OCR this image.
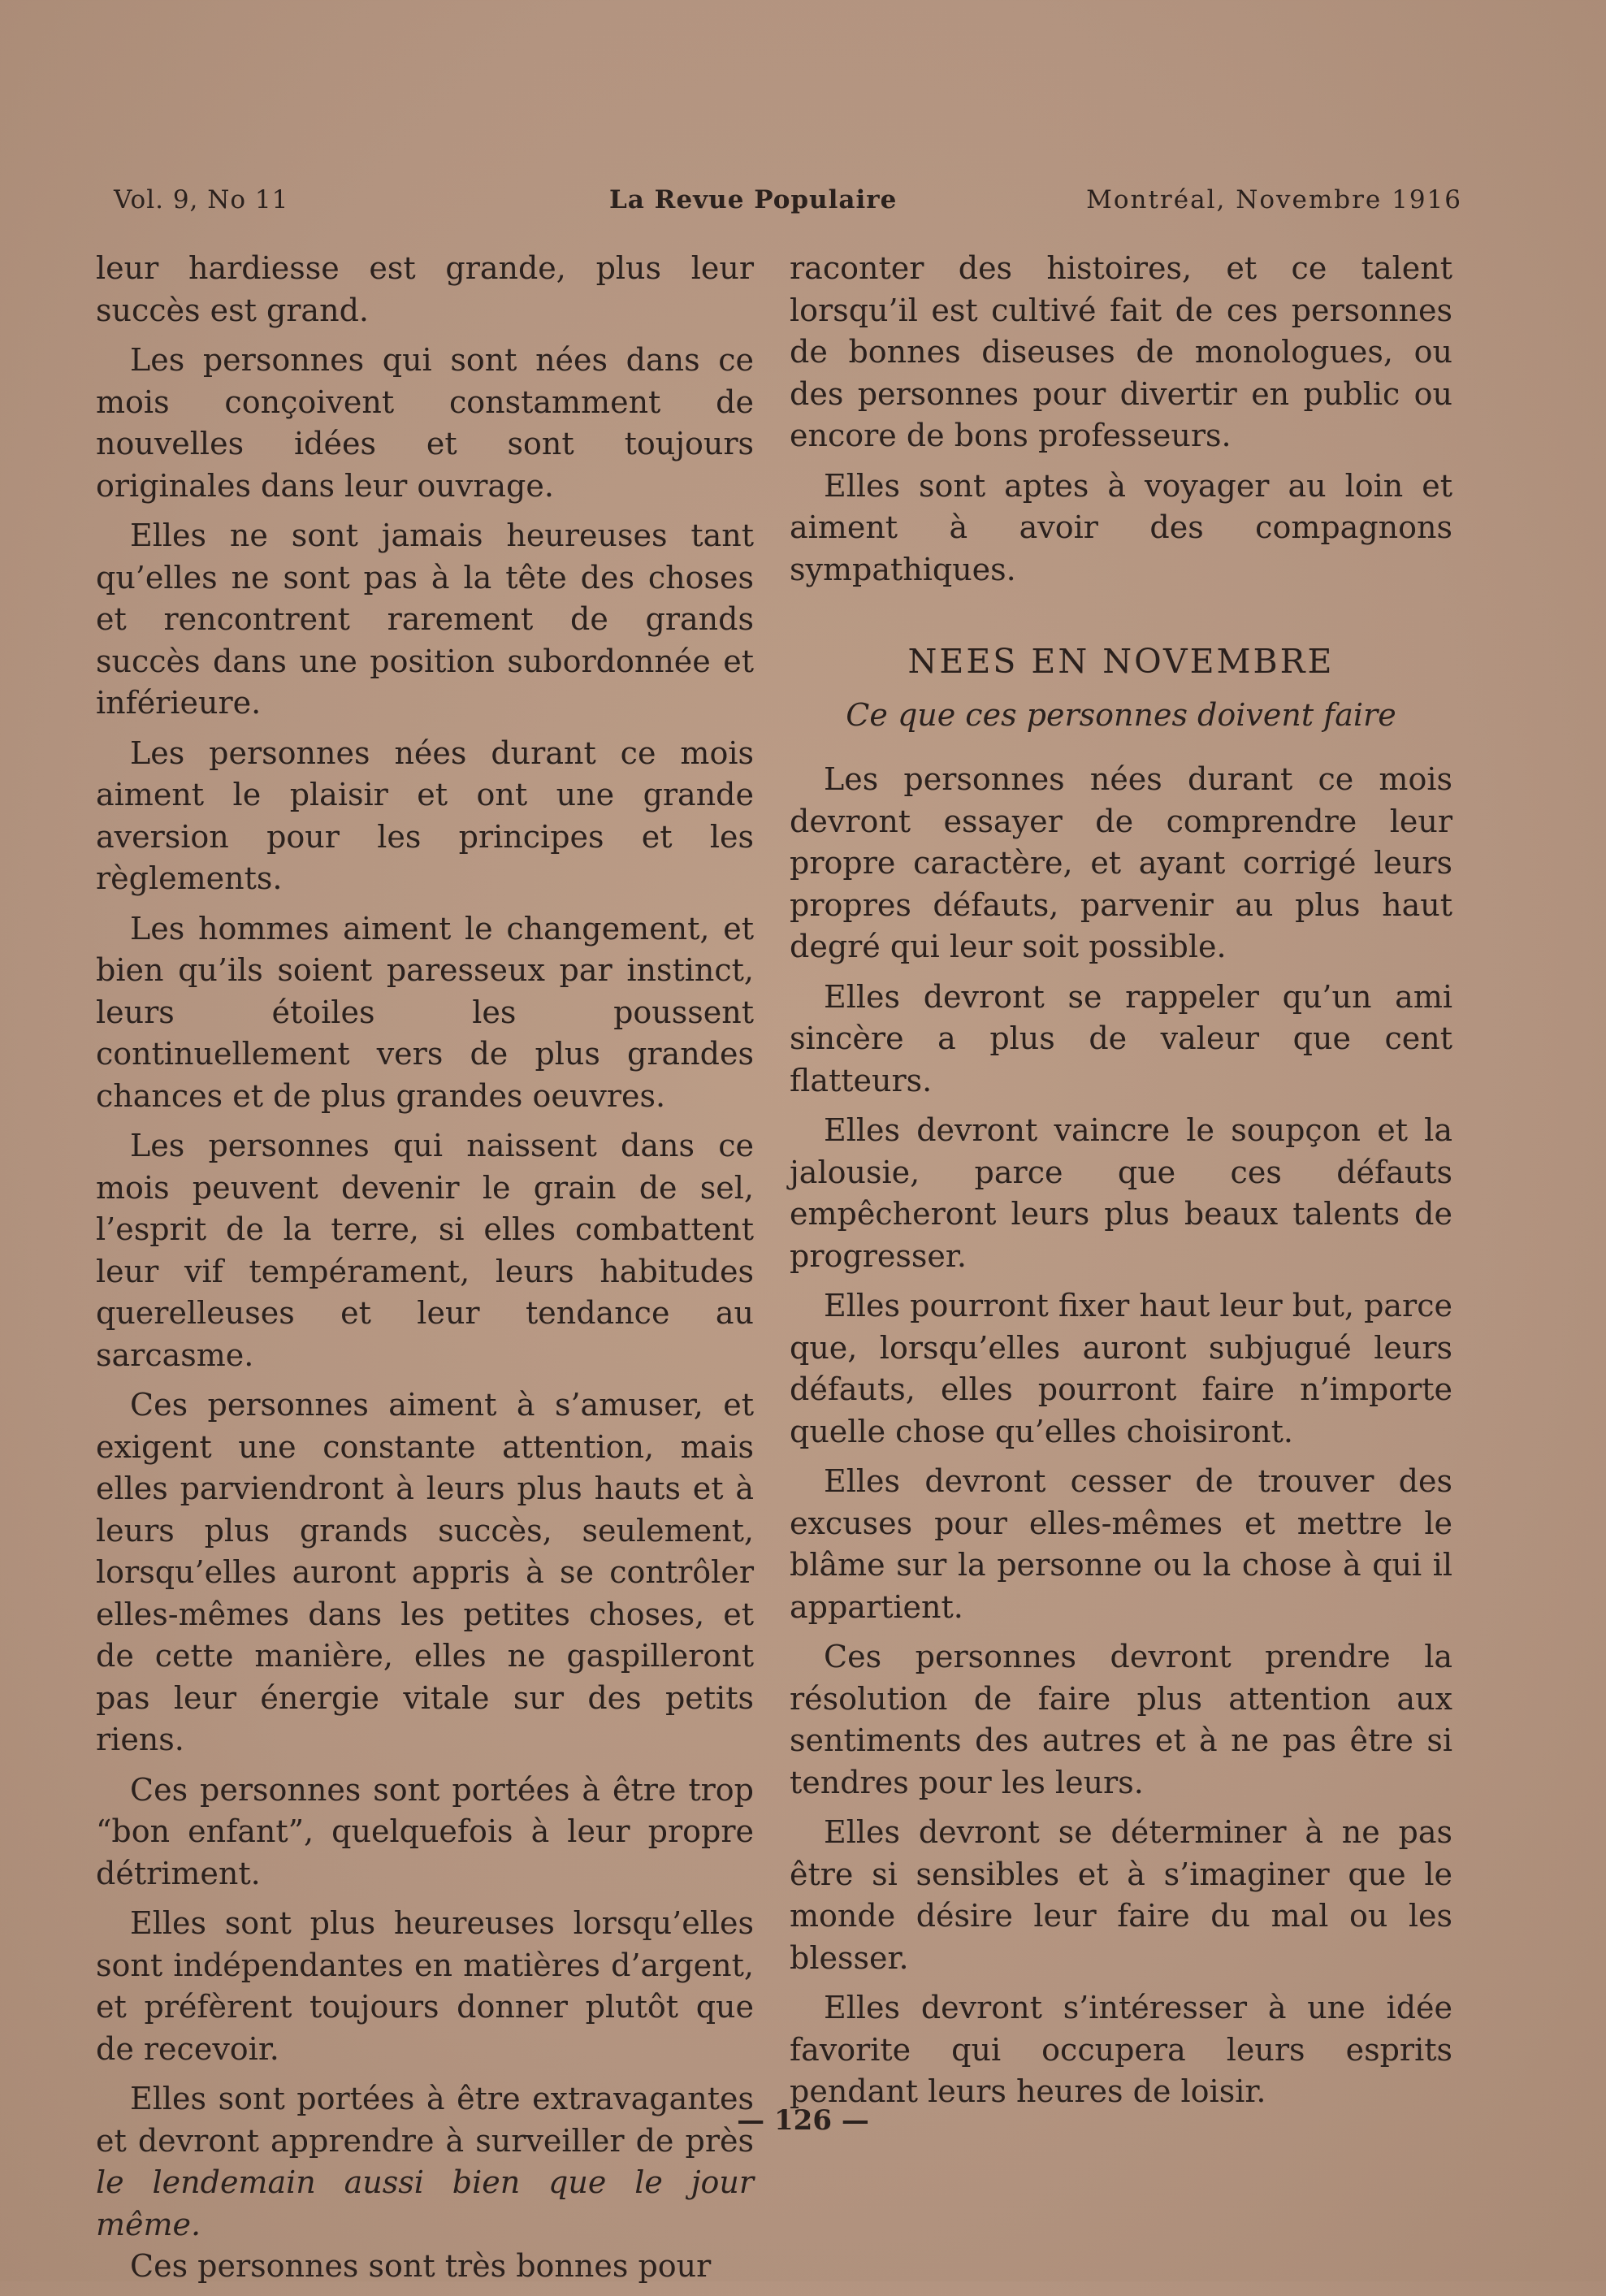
Vol. 9, No 11	La Revue Populaire	Montréal, Novembre 1916

leur hardiesse est grande, plus leur succès est grand.

Les personnes qui sont nées dans ce mois conçoivent constamment de nouvelles idées et sont toujours originales dans leur ouvrage.

Elles ne sont jamais heureuses tant qu’elles ne sont pas à la tête des choses et rencontrent rarement de grands succès dans une position subordonnée et inférieure.

Les personnes nées durant ce mois aiment le plaisir et ont une grande aversion pour les principes et les règlements.

Les hommes aiment le changement, et bien qu’ils soient paresseux par instinct, leurs étoiles les poussent continuellement vers de plus grandes chances et de plus grandes oeuvres.

Les personnes qui naissent dans ce mois peuvent devenir le grain de sel, l’esprit de la terre, si elles combattent leur vif tempérament, leurs habitudes querelleuses et leur tendance au sarcasme.

Ces personnes aiment à s’amuser, et exigent une constante attention, mais elles parviendront à leurs plus hauts et à leurs plus grands succès, seulement, lorsqu’elles auront appris à se contrôler elles-mêmes dans les petites choses, et de cette manière, elles ne gaspilleront pas leur énergie vitale sur des petits riens.

Ces personnes sont portées à être trop “bon enfant”, quelquefois à leur propre détriment.

Elles sont plus heureuses lorsqu’elles sont indépendantes en matières d’argent, et préfèrent toujours donner plutôt que de recevoir.

Elles sont portées à être extravagantes et devront apprendre à surveiller de près le lendemain aussi bien que le jour même.

Ces personnes sont très bonnes pour

raconter des histoires, et ce talent lorsqu’il est cultivé fait de ces personnes de bonnes diseuses de monologues, ou des personnes pour divertir en public ou encore de bons professeurs.

Elles sont aptes à voyager au loin et aiment à avoir des compagnons sympathiques.

NEES EN NOVEMBRE
Ce que ces personnes doivent faire

Les personnes nées durant ce mois devront essayer de comprendre leur propre caractère, et ayant corrigé leurs propres défauts, parvenir au plus haut degré qui leur soit possible.

Elles devront se rappeler qu’un ami sincère a plus de valeur que cent flatteurs.

Elles devront vaincre le soupçon et la jalousie, parce que ces défauts empêcheront leurs plus beaux talents de progresser.

Elles pourront fixer haut leur but, parce que, lorsqu’elles auront subjugué leurs défauts, elles pourront faire n’importe quelle chose qu’elles choisiront.

Elles devront cesser de trouver des excuses pour elles-mêmes et mettre le blâme sur la personne ou la chose à qui il appartient.

Ces personnes devront prendre la résolution de faire plus attention aux sentiments des autres et à ne pas être si tendres pour les leurs.

Elles devront se déterminer à ne pas être si sensibles et à s’imaginer que le monde désire leur faire du mal ou les blesser.

Elles devront s’intéresser à une idée favorite qui occupera leurs esprits pendant leurs heures de loisir.

— 126 —
